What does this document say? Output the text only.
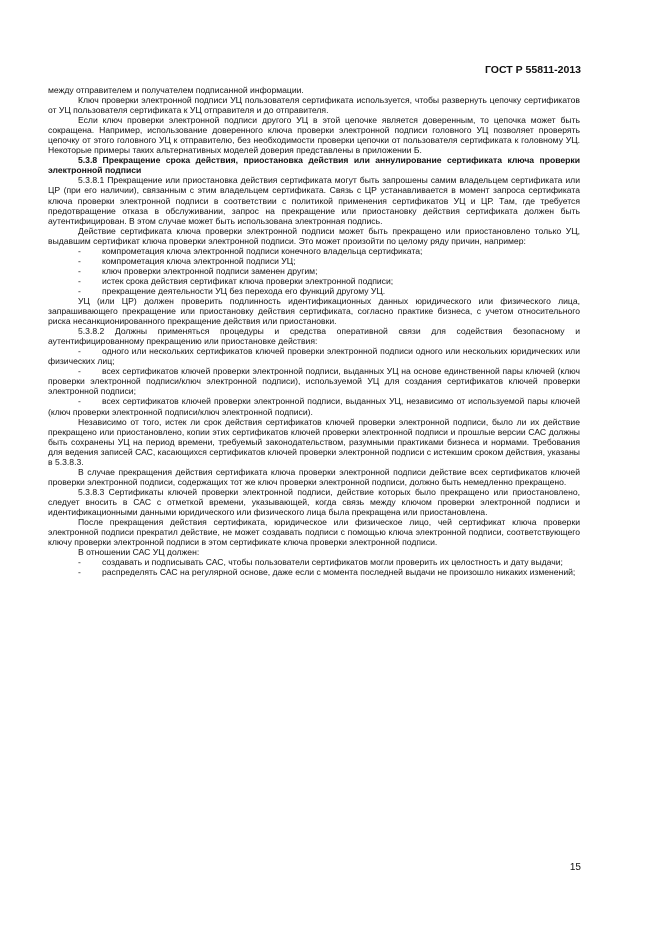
ГОСТ Р 55811-2013

между отправителем и получателем подписанной информации.

Ключ проверки электронной подписи УЦ пользователя сертификата используется, чтобы развернуть цепочку сертификатов от УЦ пользователя сертификата к УЦ отправителя и до отправителя.

Если ключ проверки электронной подписи другого УЦ в этой цепочке является доверенным, то цепочка может быть сокращена. Например, использование доверенного ключа проверки электронной подписи головного УЦ позволяет проверять цепочку от этого головного УЦ к отправителю, без необходимости проверки цепочки от пользователя сертификата к головному УЦ. Некоторые примеры таких альтернативных моделей доверия представлены в приложении Б.

5.3.8 Прекращение срока действия, приостановка действия или аннулирование сертификата ключа проверки электронной подписи

5.3.8.1 Прекращение или приостановка действия сертификата могут быть запрошены самим владельцем сертификата или ЦР (при его наличии), связанным с этим владельцем сертификата. Связь с ЦР устанавливается в момент запроса сертификата ключа проверки электронной подписи в соответствии с политикой применения сертификатов УЦ и ЦР. Там, где требуется предотвращение отказа в обслуживании, запрос на прекращение или приостановку действия сертификата должен быть аутентифицирован. В этом случае может быть использована электронная подпись.

Действие сертификата ключа проверки электронной подписи может быть прекращено или приостановлено только УЦ, выдавшим сертификат ключа проверки электронной подписи. Это может произойти по целому ряду причин, например:

- компрометация ключа электронной подписи конечного владельца сертификата;

- компрометация ключа электронной подписи УЦ;

- ключ проверки электронной подписи заменен другим;

- истек срока действия сертификат ключа проверки электронной подписи;

- прекращение деятельности УЦ без перехода его функций другому УЦ.

УЦ (или ЦР) должен проверить подлинность идентификационных данных юридического или физического лица, запрашивающего прекращение или приостановку действия сертификата, согласно практике бизнеса, с учетом относительного риска несанкционированного прекращение действия или приостановки.

5.3.8.2 Должны применяться процедуры и средства оперативной связи для содействия безопасному и аутентифицированному прекращению или приостановке действия:

- одного или нескольких сертификатов ключей проверки электронной подписи одного или нескольких юридических или физических лиц;

- всех сертификатов ключей проверки электронной подписи, выданных УЦ на основе единственной пары ключей (ключ проверки электронной подписи/ключ электронной подписи), используемой УЦ для создания сертификатов ключей проверки электронной подписи;

- всех сертификатов ключей проверки электронной подписи, выданных УЦ, независимо от используемой пары ключей (ключ проверки электронной подписи/ключ электронной подписи).

Независимо от того, истек ли срок действия сертификатов ключей проверки электронной подписи, было ли их действие прекращено или приостановлено, копии этих сертификатов ключей проверки электронной подписи и прошлые версии САС должны быть сохранены УЦ на период времени, требуемый законодательством, разумными практиками бизнеса и нормами. Требования для ведения записей САС, касающихся сертификатов ключей проверки электронной подписи с истекшим сроком действия, указаны в 5.3.8.3.

В случае прекращения действия сертификата ключа проверки электронной подписи действие всех сертификатов ключей проверки электронной подписи, содержащих тот же ключ проверки электронной подписи, должно быть немедленно прекращено.

5.3.8.3 Сертификаты ключей проверки электронной подписи, действие которых было прекращено или приостановлено, следует вносить в САС с отметкой времени, указывающей, когда связь между ключом проверки электронной подписи и идентификационными данными юридического или физического лица была прекращена или приостановлена.

После прекращения действия сертификата, юридическое или физическое лицо, чей сертификат ключа проверки электронной подписи прекратил действие, не может создавать подписи с помощью ключа электронной подписи, соответствующего ключу проверки электронной подписи в этом сертификате ключа проверки электронной подписи.

В отношении САС УЦ должен:

- создавать и подписывать САС, чтобы пользователи сертификатов могли проверить их целостность и дату выдачи;

- распределять САС на регулярной основе, даже если с момента последней выдачи не произошло никаких изменений;

15
